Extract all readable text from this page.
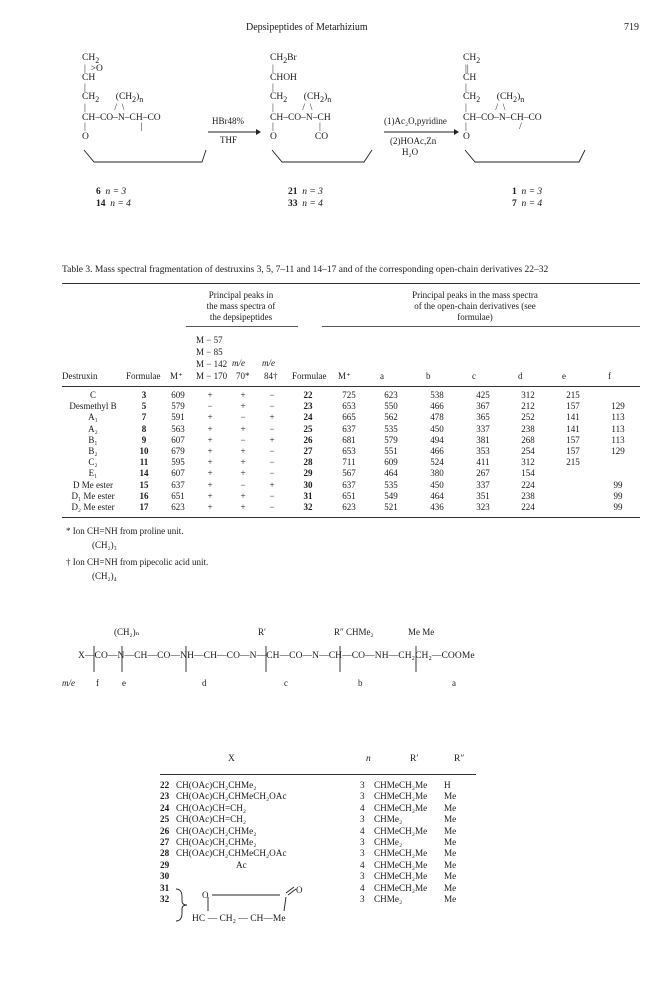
Depsipeptides of Metarhizium	719
$CH_2$
|  >O
CH
|
$CH_2$       $(CH_2)_n$
|            /  \
CH–CO–N–CH–CO
|                       |
O
HBr48%
THF
$CH_2Br$
|
CHOH
|
$CH_2$       $(CH_2)_n$
|            /  \
CH–CO–N–CH
|                   |
O                CO
(1)Ac₂O,pyridine
(2)HOAc,Zn
H₂O
$CH_2$
||
CH
|
$CH_2$       $(CH_2)_n$
|            /  \
CH–CO–N–CH–CO
|                      /
O
6 n = 3
14 n = 4
21 n = 3
33 n = 4
1 n = 3
7 n = 4
Table 3. Mass spectral fragmentation of destruxins 3, 5, 7–11 and 14–17 and of the corresponding open-chain derivatives 22–32
Principal peaks in
the mass spectra of
the depsipeptides
Principal peaks in the mass spectra
of the open-chain derivatives (see
formulae)
M − 57
M − 85
M − 142 m/e m/e
Destruxin	Formulae M⁺ M − 170 70* 84† Formulae M⁺	a	b	c	d	e	f
C	3	609	+	+	−	22	725	623	538	425	312	215	
Desmethyl B	5	579	−	+	−	23	653	550	466	367	212	157	129
A₁	7	591	+	−	+	24	665	562	478	365	252	141	113
A₂	8	563	+	+	−	25	637	535	450	337	238	141	113
B₁	9	607	+	−	+	26	681	579	494	381	268	157	113
B₂	10	679	+	+	−	27	653	551	466	353	254	157	129
C₂	11	595	+	+	−	28	711	609	524	411	312	215	
E₁	14	607	+	+	−	29	567	464	380	267	154		
D Me ester	15	637	+	−	+	30	637	535	450	337	224		99
D₁ Me ester	16	651	+	+	−	31	651	549	464	351	238		99
D₂ Me ester	17	623	+	+	−	32	623	521	436	323	224		99
* Ion CH=NH from proline unit.
(CH₂)₃
† Ion CH=NH from pipecolic acid unit.
(CH₂)₄
(CH₂)ₙ	R′	R″ CHMe₂	Me Me
X—CO—N—CH—CO—NH—CH—CO—N—CH—CO—N—CH—CO—NH—CH₂CH₂—COOMe
m/e f	e	d	c	b	a
X	n	R′	R″
22	CH(OAc)CH₂CHMe₂	3	CHMeCH₂Me	H
23	CH(OAc)CH₂CHMeCH₂OAc	3	CHMeCH₂Me	Me
24	CH(OAc)CH=CH₂	4	CHMeCH₂Me	Me
25	CH(OAc)CH=CH₂	3	CHMe₂	Me
26	CH(OAc)CH₂CHMe₂	4	CHMeCH₂Me	Me
27	CH(OAc)CH₂CHMe₂	3	CHMe₂	Me
28	CH(OAc)CH₂CHMeCH₂OAc	3	CHMeCH₂Me	Me
29	Ac	4	CHMeCH₂Me	Me
30		3	CHMeCH₂Me	Me
31		4	CHMeCH₂Me	Me
32		3	CHMe₂	Me
O	O
HC — CH₂ — CH—Me
